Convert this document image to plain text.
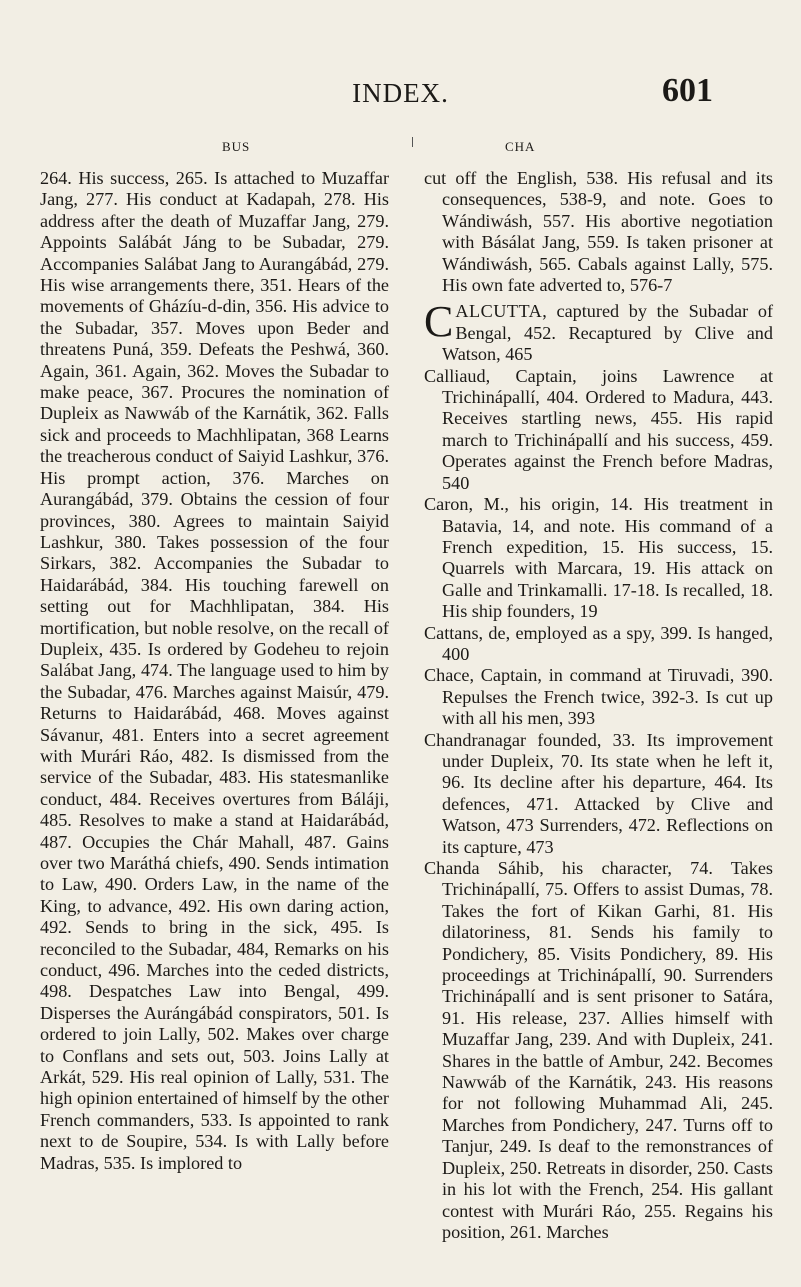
INDEX.	601
BUS	CHA

264. His success, 265. Is attached to Muzaffar Jang, 277. His conduct at Kadapah, 278. His address after the death of Muzaffar Jang, 279. Appoints Salábát Jáng to be Subadar, 279. Accompanies Salábat Jang to Aurangábád, 279. His wise arrangements there, 351. Hears of the movements of Gházíu-d-din, 356. His advice to the Subadar, 357. Moves upon Beder and threatens Puná, 359. Defeats the Peshwá, 360. Again, 361. Again, 362. Moves the Subadar to make peace, 367. Procures the nomination of Dupleix as Nawwáb of the Karnátik, 362. Falls sick and proceeds to Machhlipatan, 368 Learns the treacherous conduct of Saiyid Lashkur, 376. His prompt action, 376. Marches on Aurangábád, 379. Obtains the cession of four provinces, 380. Agrees to maintain Saiyid Lashkur, 380. Takes possession of the four Sirkars, 382. Accompanies the Subadar to Haidarábád, 384. His touching farewell on setting out for Machhlipatan, 384. His mortification, but noble resolve, on the recall of Dupleix, 435. Is ordered by Godeheu to rejoin Salábat Jang, 474. The language used to him by the Subadar, 476. Marches against Maisúr, 479. Returns to Haidarábád, 468. Moves against Sávanur, 481. Enters into a secret agreement with Murári Ráo, 482. Is dismissed from the service of the Subadar, 483. His statesmanlike conduct, 484. Receives overtures from Báláji, 485. Resolves to make a stand at Haidarábád, 487. Occupies the Chár Mahall, 487. Gains over two Maráthá chiefs, 490. Sends intimation to Law, 490. Orders Law, in the name of the King, to advance, 492. His own daring action, 492. Sends to bring in the sick, 495. Is reconciled to the Subadar, 484, Remarks on his conduct, 496. Marches into the ceded districts, 498. Despatches Law into Bengal, 499. Disperses the Aurángábád conspirators, 501. Is ordered to join Lally, 502. Makes over charge to Conflans and sets out, 503. Joins Lally at Arkát, 529. His real opinion of Lally, 531. The high opinion entertained of himself by the other French commanders, 533. Is appointed to rank next to de Soupire, 534. Is with Lally before Madras, 535. Is implored to

cut off the English, 538. His refusal and its consequences, 538-9, and note. Goes to Wándiwásh, 557. His abortive negotiation with Básálat Jang, 559. Is taken prisoner at Wándiwásh, 565. Cabals against Lally, 575. His own fate adverted to, 576-7

CALCUTTA, captured by the Subadar of Bengal, 452. Recaptured by Clive and Watson, 465

Calliaud, Captain, joins Lawrence at Trichinápallí, 404. Ordered to Madura, 443. Receives startling news, 455. His rapid march to Trichinápallí and his success, 459. Operates against the French before Madras, 540

Caron, M., his origin, 14. His treatment in Batavia, 14, and note. His command of a French expedition, 15. His success, 15. Quarrels with Marcara, 19. His attack on Galle and Trinkamalli. 17-18. Is recalled, 18. His ship founders, 19

Cattans, de, employed as a spy, 399. Is hanged, 400

Chace, Captain, in command at Tiruvadi, 390. Repulses the French twice, 392-3. Is cut up with all his men, 393

Chandranagar founded, 33. Its improvement under Dupleix, 70. Its state when he left it, 96. Its decline after his departure, 464. Its defences, 471. Attacked by Clive and Watson, 473 Surrenders, 472. Reflections on its capture, 473

Chanda Sáhib, his character, 74. Takes Trichinápallí, 75. Offers to assist Dumas, 78. Takes the fort of Kikan Garhi, 81. His dilatoriness, 81. Sends his family to Pondichery, 85. Visits Pondichery, 89. His proceedings at Trichinápallí, 90. Surrenders Trichinápallí and is sent prisoner to Satára, 91. His release, 237. Allies himself with Muzaffar Jang, 239. And with Dupleix, 241. Shares in the battle of Ambur, 242. Becomes Nawwáb of the Karnátik, 243. His reasons for not following Muhammad Ali, 245. Marches from Pondichery, 247. Turns off to Tanjur, 249. Is deaf to the remonstrances of Dupleix, 250. Retreats in disorder, 250. Casts in his lot with the French, 254. His gallant contest with Murári Ráo, 255. Regains his position, 261. Marches
